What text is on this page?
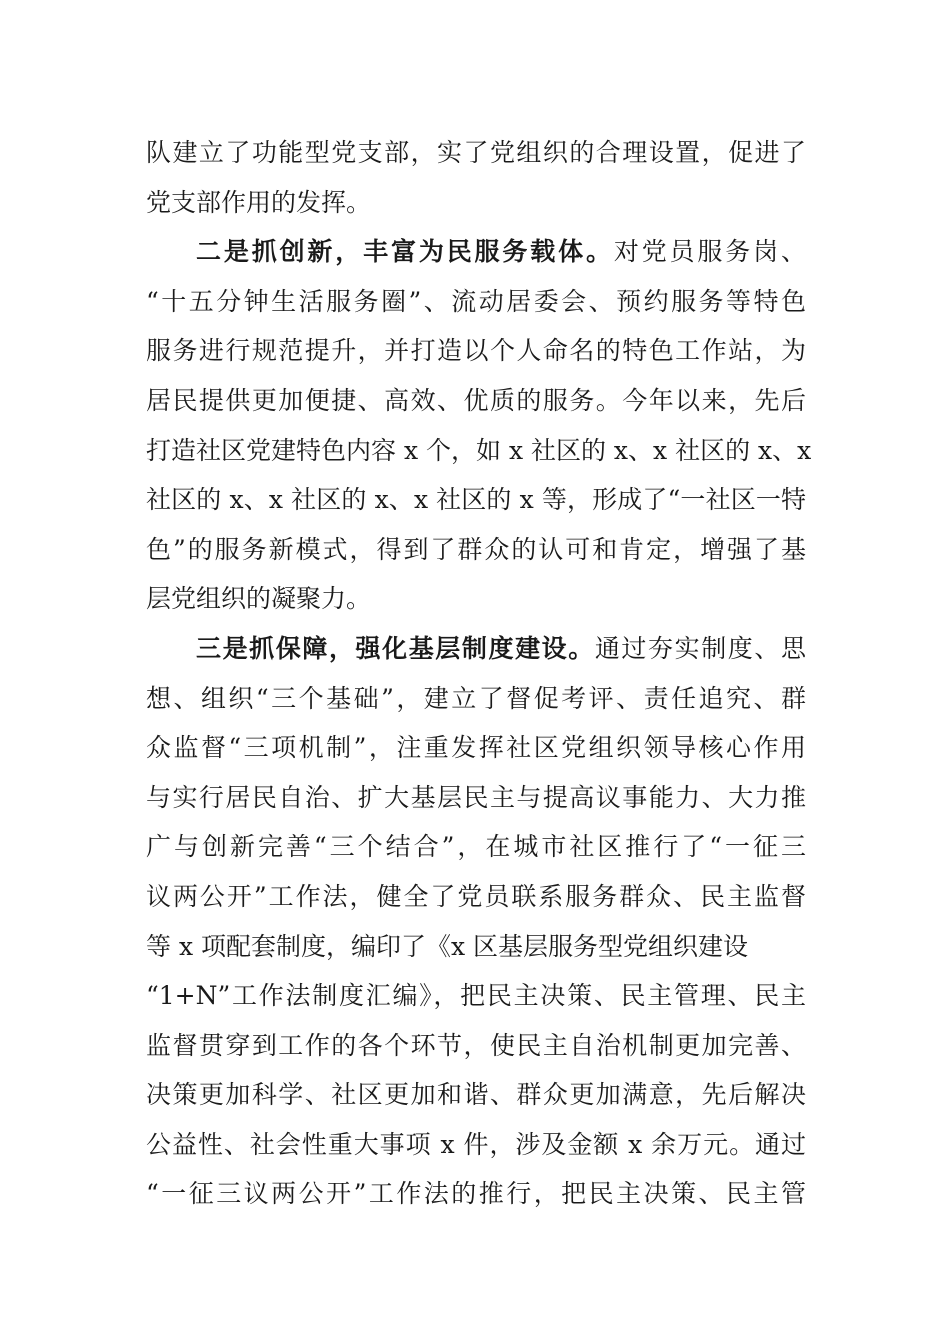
队建立了功能型党支部，实了党组织的合理设置，促进了
党支部作用的发挥。
二是抓创新，丰富为民服务载体。对党员服务岗、
“十五分钟生活服务圈”、流动居委会、预约服务等特色
服务进行规范提升，并打造以个人命名的特色工作站，为
居民提供更加便捷、高效、优质的服务。今年以来，先后
打造社区党建特色内容 x 个，如 x 社区的 x、x 社区的 x、x
社区的 x、x 社区的 x、x 社区的 x 等，形成了“一社区一特
色”的服务新模式，得到了群众的认可和肯定，增强了基
层党组织的凝聚力。
三是抓保障，强化基层制度建设。通过夯实制度、思
想、组织“三个基础”，建立了督促考评、责任追究、群
众监督“三项机制”，注重发挥社区党组织领导核心作用
与实行居民自治、扩大基层民主与提高议事能力、大力推
广与创新完善“三个结合”，在城市社区推行了“一征三
议两公开”工作法，健全了党员联系服务群众、民主监督
等 x 项配套制度，编印了《x 区基层服务型党组织建设
“1+N”工作法制度汇编》，把民主决策、民主管理、民主
监督贯穿到工作的各个环节，使民主自治机制更加完善、
决策更加科学、社区更加和谐、群众更加满意，先后解决
公益性、社会性重大事项 x 件，涉及金额 x 余万元。通过
“一征三议两公开”工作法的推行，把民主决策、民主管
